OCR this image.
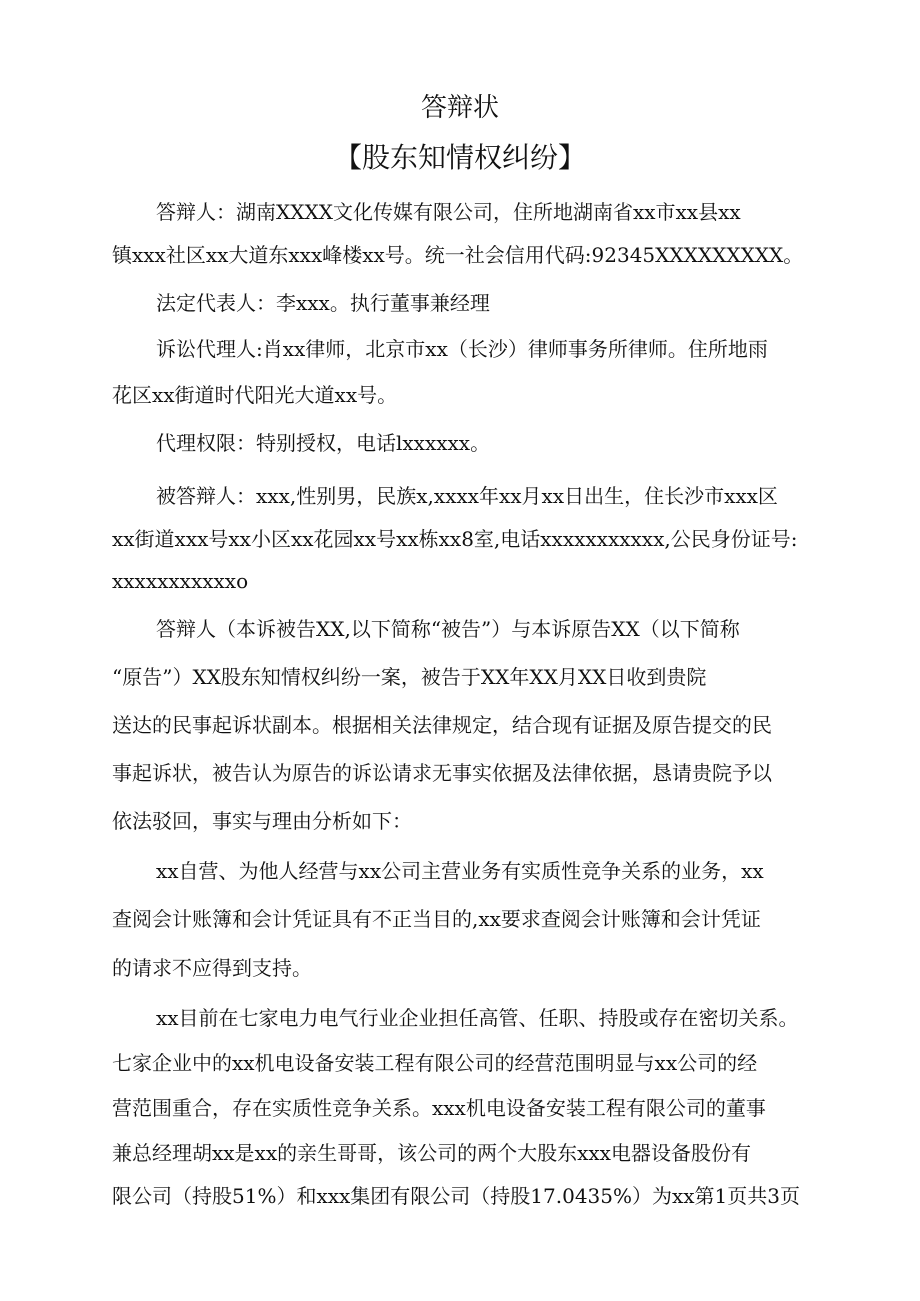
答辩状
【股东知情权纠纷】

答辩人：湖南XXXX文化传媒有限公司，住所地湖南省xx市xx县xx

镇xxx社区xx大道东xxx峰楼xx号。统一社会信用代码:92345XXXXXXXXX。

法定代表人：李xxx。执行董事兼经理

诉讼代理人:肖xx律师，北京市xx（长沙）律师事务所律师。住所地雨

花区xx街道时代阳光大道xx号。

代理权限：特别授权，电话lxxxxxx。

被答辩人：xxx,性别男，民族x,xxxx年xx月xx日出生，住长沙市xxx区

xx街道xxx号xx小区xx花园xx号xx栋xx8室,电话xxxxxxxxxxx,公民身份证号:

xxxxxxxxxxxo

答辩人（本诉被告XX,以下简称“被告”）与本诉原告XX（以下简称

“原告”）XX股东知情权纠纷一案，被告于XX年XX月XX日收到贵院

送达的民事起诉状副本。根据相关法律规定，结合现有证据及原告提交的民

事起诉状，被告认为原告的诉讼请求无事实依据及法律依据，恳请贵院予以

依法驳回，事实与理由分析如下：

xx自营、为他人经营与xx公司主营业务有实质性竞争关系的业务，xx

查阅会计账簿和会计凭证具有不正当目的,xx要求查阅会计账簿和会计凭证

的请求不应得到支持。

xx目前在七家电力电气行业企业担任高管、任职、持股或存在密切关系。

七家企业中的xx机电设备安装工程有限公司的经营范围明显与xx公司的经

营范围重合，存在实质性竞争关系。xxx机电设备安装工程有限公司的董事

兼总经理胡xx是xx的亲生哥哥，该公司的两个大股东xxx电器设备股份有

限公司（持股51%）和xxx集团有限公司（持股17.0435%）为xx第1页共3页
